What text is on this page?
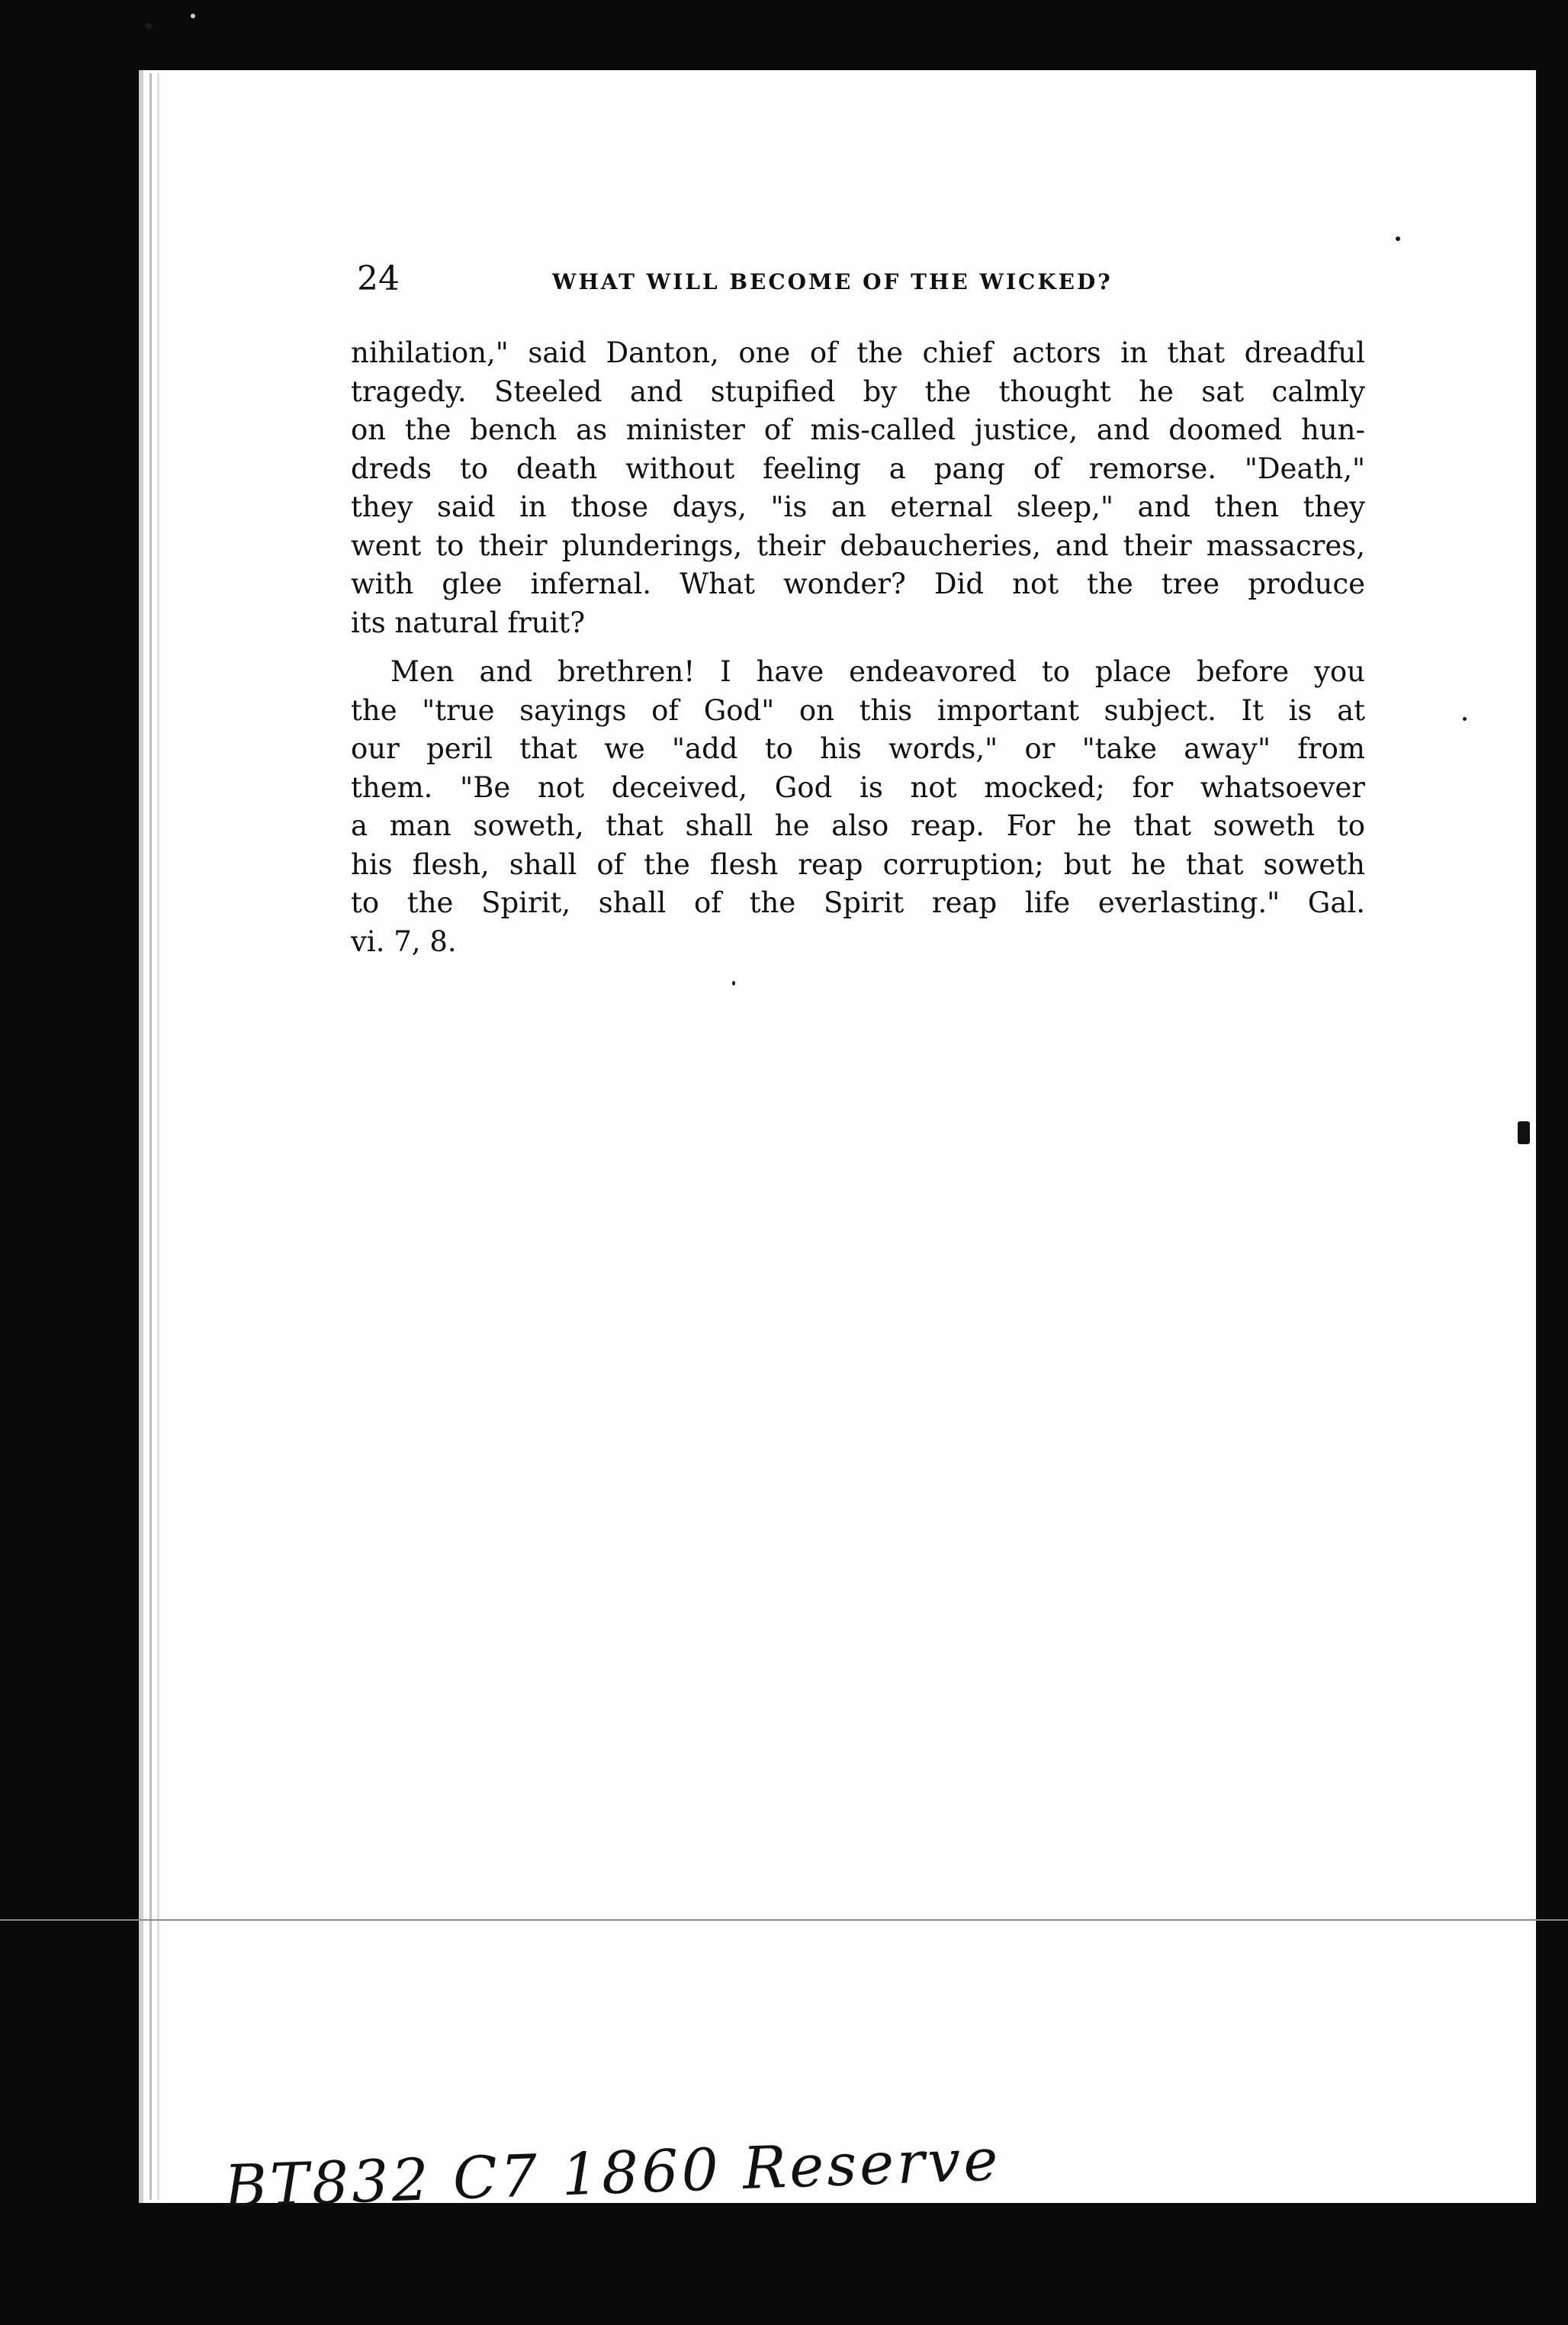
24	WHAT WILL BECOME OF THE WICKED?
nihilation," said Danton, one of the chief actors in that dreadful
tragedy. Steeled and stupified by the thought he sat calmly
on the bench as minister of mis-called justice, and doomed hun-
dreds to death without feeling a pang of remorse. "Death,"
they said in those days, "is an eternal sleep," and then they
went to their plunderings, their debaucheries, and their massacres,
with glee infernal. What wonder? Did not the tree produce
its natural fruit?
Men and brethren! I have endeavored to place before you
the "true sayings of God" on this important subject. It is at
our peril that we "add to his words," or "take away" from
them. "Be not deceived, God is not mocked; for whatsoever
a man soweth, that shall he also reap. For he that soweth to
his flesh, shall of the flesh reap corruption; but he that soweth
to the Spirit, shall of the Spirit reap life everlasting." Gal.
vi. 7, 8.
BT832 C7 1860 Reserve
